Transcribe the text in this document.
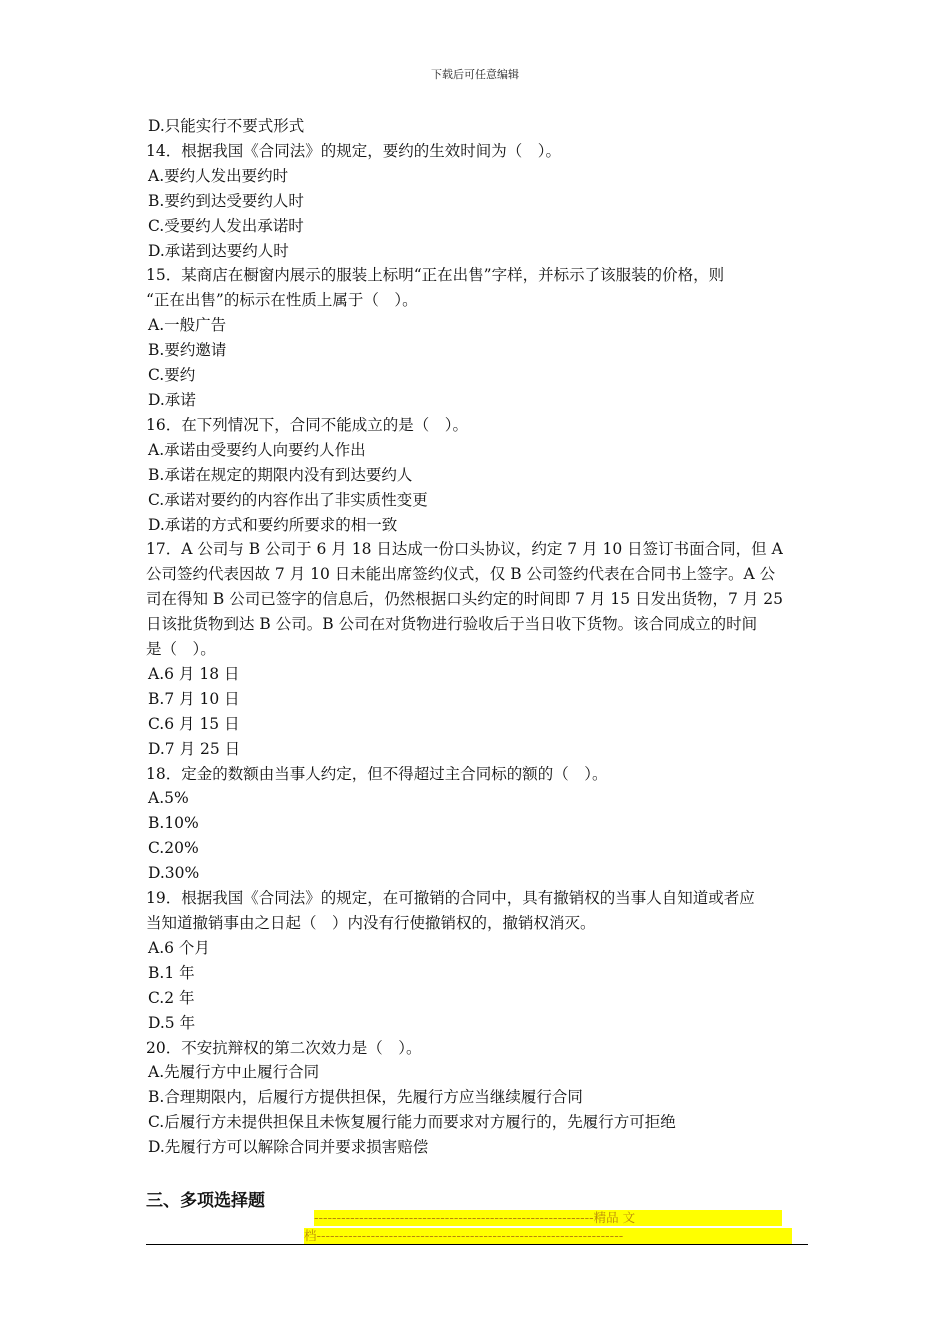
下载后可任意编辑
D.只能实行不要式形式
14．根据我国《合同法》的规定，要约的生效时间为（　）。
A.要约人发出要约时
B.要约到达受要约人时
C.受要约人发出承诺时
D.承诺到达要约人时
15．某商店在橱窗内展示的服装上标明“正在出售”字样，并标示了该服装的价格，则
“正在出售”的标示在性质上属于（　）。
A.一般广告
B.要约邀请
C.要约
D.承诺
16．在下列情况下，合同不能成立的是（　）。
A.承诺由受要约人向要约人作出
B.承诺在规定的期限内没有到达要约人
C.承诺对要约的内容作出了非实质性变更
D.承诺的方式和要约所要求的相一致
17．A 公司与 B 公司于 6 月 18 日达成一份口头协议，约定 7 月 10 日签订书面合同，但 A
公司签约代表因故 7 月 10 日未能出席签约仪式，仅 B 公司签约代表在合同书上签字。A 公
司在得知 B 公司已签字的信息后，仍然根据口头约定的时间即 7 月 15 日发出货物，7 月 25
日该批货物到达 B 公司。B 公司在对货物进行验收后于当日收下货物。该合同成立的时间
是（　）。
A.6 月 18 日
B.7 月 10 日
C.6 月 15 日
D.7 月 25 日
18．定金的数额由当事人约定，但不得超过主合同标的额的（　）。
A.5%
B.10%
C.20%
D.30%
19．根据我国《合同法》的规定，在可撤销的合同中，具有撤销权的当事人自知道或者应
当知道撤销事由之日起（　）内没有行使撤销权的，撤销权消灭。
A.6 个月
B.1 年
C.2 年
D.5 年
20．不安抗辩权的第二次效力是（　）。
A.先履行方中止履行合同
B.合理期限内，后履行方提供担保，先履行方应当继续履行合同
C.后履行方未提供担保且未恢复履行能力而要求对方履行的，先履行方可拒绝
D.先履行方可以解除合同并要求损害赔偿
三、多项选择题
--------------------------------------------------------------精品 文
档--------------------------------------------------------------------
